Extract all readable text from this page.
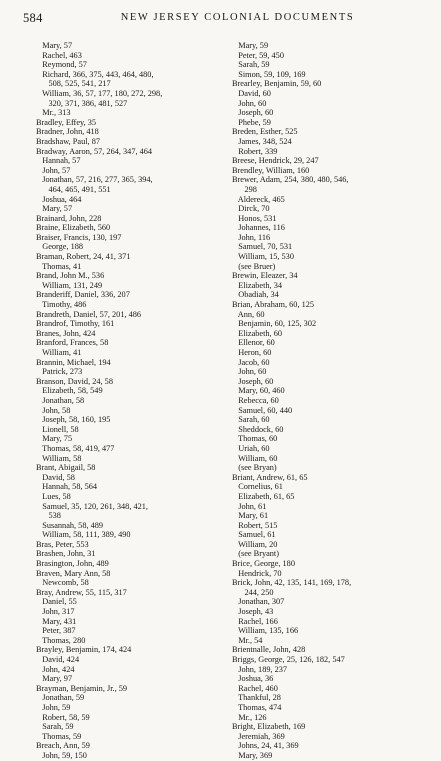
584	NEW JERSEY COLONIAL DOCUMENTS
Mary, 57
Rachel, 463
Reymond, 57
Richard, 366, 375, 443, 464, 480,
508, 525, 541, 217
William, 36, 57, 177, 180, 272, 298,
320, 371, 386, 481, 527
Mr., 313
Bradley, Effey, 35
Bradner, John, 418
Bradshaw, Paul, 87
Bradway, Aaron, 57, 264, 347, 464
Hannah, 57
John, 57
Jonathan, 57, 216, 277, 365, 394,
464, 465, 491, 551
Joshua, 464
Mary, 57
Brainard, John, 228
Braine, Elizabeth, 560
Braiser, Francis, 130, 197
George, 188
Braman, Robert, 24, 41, 371
Thomas, 41
Brand, John M., 536
William, 131, 249
Branderiff, Daniel, 336, 207
Timothy, 486
Brandreth, Daniel, 57, 201, 486
Brandrof, Timothy, 161
Branes, John, 424
Branford, Frances, 58
William, 41
Brannin, Michael, 194
Patrick, 273
Branson, David, 24, 58
Elizabeth, 58, 549
Jonathan, 58
John, 58
Joseph, 58, 160, 195
Lionell, 58
Mary, 75
Thomas, 58, 419, 477
William, 58
Brant, Abigail, 58
David, 58
Hannah, 58, 564
Lues, 58
Samuel, 35, 120, 261, 348, 421,
538
Susannah, 58, 489
William, 58, 111, 389, 490
Bras, Peter, 553
Brashen, John, 31
Brasington, John, 489
Braven, Mary Ann, 58
Newcomb, 58
Bray, Andrew, 55, 115, 317
Daniel, 55
John, 317
Mary, 431
Peter, 387
Thomas, 280
Brayley, Benjamin, 174, 424
David, 424
John, 424
Mary, 97
Brayman, Benjamin, Jr., 59
Jonathan, 59
John, 59
Robert, 58, 59
Sarah, 59
Thomas, 59
Breach, Ann, 59
John, 59, 150
Mary, 59
Peter, 59, 450
Sarah, 59
Simon, 59, 109, 169
Brearley, Benjamin, 59, 60
David, 60
John, 60
Joseph, 60
Phebe, 59
Breden, Esther, 525
James, 348, 524
Robert, 339
Breese, Hendrick, 29, 247
Brendley, William, 160
Brewer, Adam, 254, 380, 480, 546,
298
Aldereck, 465
Dirck, 70
Honos, 531
Johannes, 116
John, 116
Samuel, 70, 531
William, 15, 530
(see Bruer)
Brewin, Eleazer, 34
Elizabeth, 34
Obadiah, 34
Brian, Abraham, 60, 125
Ann, 60
Benjamin, 60, 125, 302
Elizabeth, 60
Ellenor, 60
Heron, 60
Jacob, 60
John, 60
Joseph, 60
Mary, 60, 460
Rebecca, 60
Samuel, 60, 440
Sarah, 60
Sheddock, 60
Thomas, 60
Uriah, 60
William, 60
(see Bryan)
Briant, Andrew, 61, 65
Cornelius, 61
Elizabeth, 61, 65
John, 61
Mary, 61
Robert, 515
Samuel, 61
William, 20
(see Bryant)
Brice, George, 180
Hendrick, 70
Brick, John, 42, 135, 141, 169, 178,
244, 250
Jonathan, 307
Joseph, 43
Rachel, 166
William, 135, 166
Mr., 54
Brientnalle, John, 428
Briggs, George, 25, 126, 182, 547
John, 189, 237
Joshua, 36
Rachel, 460
Thankful, 28
Thomas, 474
Mr., 126
Bright, Elizabeth, 169
Jeremiah, 369
Johns, 24, 41, 369
Mary, 369
